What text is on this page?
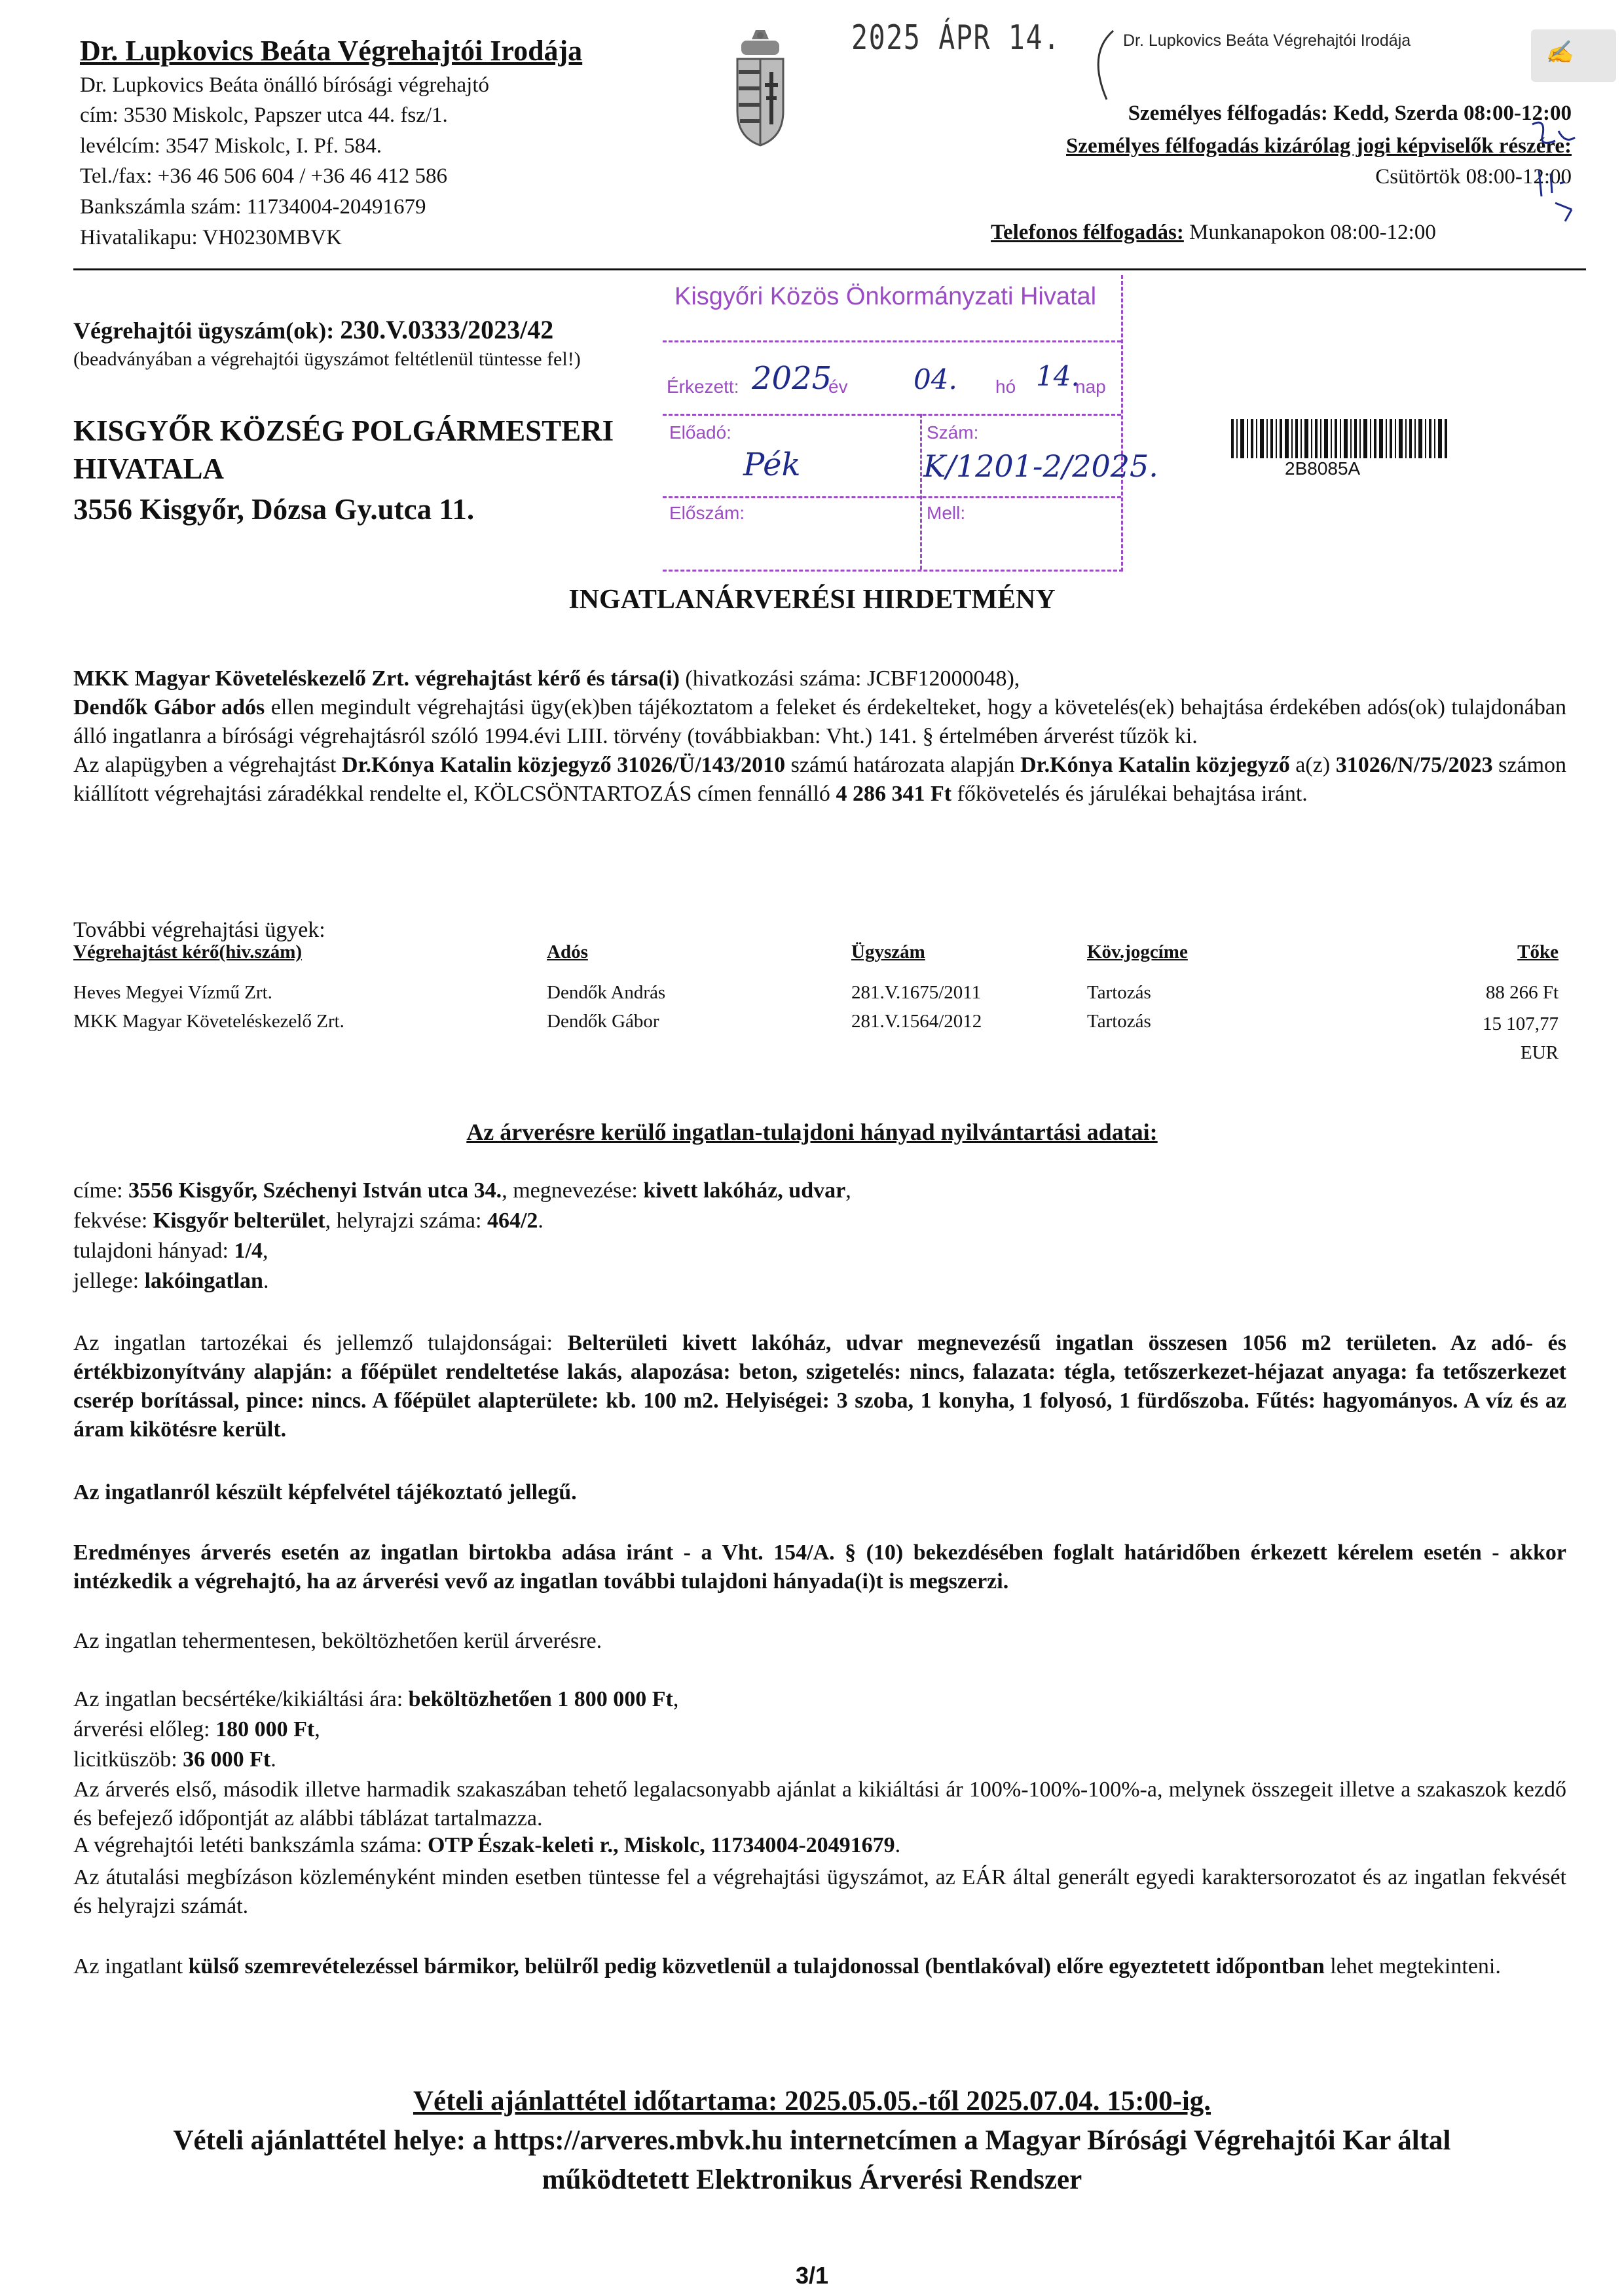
Dr. Lupkovics Beáta Végrehajtói Irodája
Dr. Lupkovics Beáta önálló bírósági végrehajtó
cím: 3530 Miskolc, Papszer utca 44. fsz/1.
levélcím: 3547 Miskolc, I. Pf. 584.
Tel./fax: +36 46 506 604 / +36 46 412 586
Bankszámla szám: 11734004-20491679
Hivatalikapu: VH0230MBVK
2025 ÁPR 14.	Dr. Lupkovics Beáta Végrehajtói Irodája	✍
Személyes félfogadás: Kedd, Szerda 08:00-12:00
Személyes félfogadás kizárólag jogi képviselők részére:
Csütörtök 08:00-12:00
Telefonos félfogadás: Munkanapokon 08:00-12:00
Kisgyőri Közös Önkormányzati Hivatal
Érkezett: 2025
év 04. hó 14.
nap
Előadó:
Pék
Szám:
K/1201-2/2025.
Előszám:	Mell:
Végrehajtói ügyszám(ok): 230.V.0333/2023/42
(beadványában a végrehajtói ügyszámot feltétlenül tüntesse fel!)
KISGYŐR KÖZSÉG POLGÁRMESTERI
HIVATALA
3556 Kisgyőr, Dózsa Gy.utca 11.
2B8085A
INGATLANÁRVERÉSI HIRDETMÉNY
MKK Magyar Követeléskezelő Zrt. végrehajtást kérő és társa(i) (hivatkozási száma: JCBF12000048),
Dendők Gábor adós ellen megindult végrehajtási ügy(ek)ben tájékoztatom a feleket és érdekelteket, hogy a követelés(ek) behajtása érdekében adós(ok) tulajdonában álló ingatlanra a bírósági végrehajtásról szóló 1994.évi LIII. törvény (továbbiakban: Vht.) 141. § értelmében árverést tűzök ki.
Az alapügyben a végrehajtást Dr.Kónya Katalin közjegyző 31026/Ü/143/2010 számú határozata alapján Dr.Kónya Katalin közjegyző a(z) 31026/N/75/2023 számon kiállított végrehajtási záradékkal rendelte el, KÖLCSÖNTARTOZÁS címen fennálló 4 286 341 Ft főkövetelés és járulékai behajtása iránt.
További végrehajtási ügyek:
Végrehajtást kérő(hiv.szám)	Adós	Ügyszám	Köv.jogcíme	Tőke
Heves Megyei Vízmű Zrt.	Dendők András	281.V.1675/2011	Tartozás	88 266 Ft
MKK Magyar Követeléskezelő Zrt.	Dendők Gábor	281.V.1564/2012	Tartozás	15 107,77
EUR
Az árverésre kerülő ingatlan-tulajdoni hányad nyilvántartási adatai:
címe: 3556 Kisgyőr, Széchenyi István utca 34., megnevezése: kivett lakóház, udvar,
fekvése: Kisgyőr belterület, helyrajzi száma: 464/2.
tulajdoni hányad: 1/4,
jellege: lakóingatlan.
Az ingatlan tartozékai és jellemző tulajdonságai: Belterületi kivett lakóház, udvar megnevezésű ingatlan összesen 1056 m2 területen. Az adó- és értékbizonyítvány alapján: a főépület rendeltetése lakás, alapozása: beton, szigetelés: nincs, falazata: tégla, tetőszerkezet-héjazat anyaga: fa tetőszerkezet cserép borítással, pince: nincs. A főépület alapterülete: kb. 100 m2. Helyiségei: 3 szoba, 1 konyha, 1 folyosó, 1 fürdőszoba. Fűtés: hagyományos. A víz és az áram kikötésre került.
Az ingatlanról készült képfelvétel tájékoztató jellegű.
Eredményes árverés esetén az ingatlan birtokba adása iránt - a Vht. 154/A. § (10) bekezdésében foglalt határidőben érkezett kérelem esetén - akkor intézkedik a végrehajtó, ha az árverési vevő az ingatlan további tulajdoni hányada(i)t is megszerzi.
Az ingatlan tehermentesen, beköltözhetően kerül árverésre.
Az ingatlan becsértéke/kikiáltási ára: beköltözhetően 1 800 000 Ft,
árverési előleg: 180 000 Ft,
licitküszöb: 36 000 Ft.
Az árverés első, második illetve harmadik szakaszában tehető legalacsonyabb ajánlat a kikiáltási ár 100%-100%-100%-a, melynek összegeit illetve a szakaszok kezdő és befejező időpontját az alábbi táblázat tartalmazza.
A végrehajtói letéti bankszámla száma: OTP Észak-keleti r., Miskolc, 11734004-20491679.
Az átutalási megbízáson közleményként minden esetben tüntesse fel a végrehajtási ügyszámot, az EÁR által generált egyedi karaktersorozatot és az ingatlan fekvését és helyrajzi számát.
Az ingatlant külső szemrevételezéssel bármikor, belülről pedig közvetlenül a tulajdonossal (bentlakóval) előre egyeztetett időpontban lehet megtekinteni.
Vételi ajánlattétel időtartama: 2025.05.05.-től 2025.07.04. 15:00-ig.
Vételi ajánlattétel helye: a https://arveres.mbvk.hu internetcímen a Magyar Bírósági Végrehajtói Kar által
működtetett Elektronikus Árverési Rendszer
3/1
